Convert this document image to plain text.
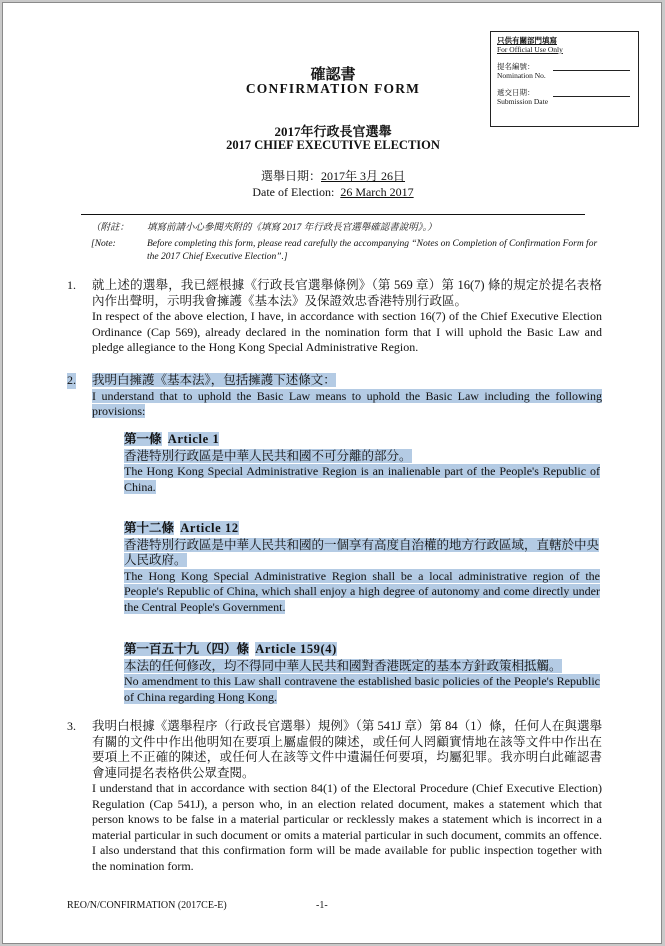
只供有關部門填寫
For Official Use Only
提名編號：
Nomination No.
遞交日期：
Submission Date
確認書
CONFIRMATION FORM
2017年行政長官選舉
2017 CHIEF EXECUTIVE ELECTION
選舉日期：2017年 3月 26日
Date of Election: 26 March 2017
（附註： 填寫前請小心參閱夾附的《填寫 2017 年行政長官選舉確認書說明》。）
[Note:	Before completing this form, please read carefully the accompanying “Notes on Completion of Confirmation Form for the 2017 Chief Executive Election”.]
1. 就上述的選舉，我已經根據《行政長官選舉條例》（第 569 章）第 16(7) 條的規定於提名表格內作出聲明，示明我會擁護《基本法》及保證效忠香港特別行政區。
In respect of the above election, I have, in accordance with section 16(7) of the Chief Executive Election Ordinance (Cap 569), already declared in the nomination form that I will uphold the Basic Law and pledge allegiance to the Hong Kong Special Administrative Region.
2. 我明白擁護《基本法》，包括擁護下述條文：
I understand that to uphold the Basic Law means to uphold the Basic Law including the following provisions:
第一條 Article 1
香港特別行政區是中華人民共和國不可分離的部分。
The Hong Kong Special Administrative Region is an inalienable part of the People's Republic of China.
第十二條 Article 12
香港特別行政區是中華人民共和國的一個享有高度自治權的地方行政區域，直轄於中央人民政府。
The Hong Kong Special Administrative Region shall be a local administrative region of the People's Republic of China, which shall enjoy a high degree of autonomy and come directly under the Central People's Government.
第一百五十九（四）條 Article 159(4)
本法的任何修改，均不得同中華人民共和國對香港既定的基本方針政策相抵觸。
No amendment to this Law shall contravene the established basic policies of the People's Republic of China regarding Hong Kong.
3. 我明白根據《選舉程序（行政長官選舉）規例》（第 541J 章）第 84（1）條，任何人在與選舉有關的文件中作出他明知在要項上屬虛假的陳述，或任何人罔顧實情地在該等文件中作出在要項上不正確的陳述，或任何人在該等文件中遺漏任何要項，均屬犯罪。我亦明白此確認書會連同提名表格供公眾查閱。
I understand that in accordance with section 84(1) of the Electoral Procedure (Chief Executive Election) Regulation (Cap 541J), a person who, in an election related document, makes a statement which that person knows to be false in a material particular or recklessly makes a statement which is incorrect in a material particular in such document or omits a material particular in such document, commits an offence. I also understand that this confirmation form will be made available for public inspection together with the nomination form.
REO/N/CONFIRMATION (2017CE-E)	-1-
